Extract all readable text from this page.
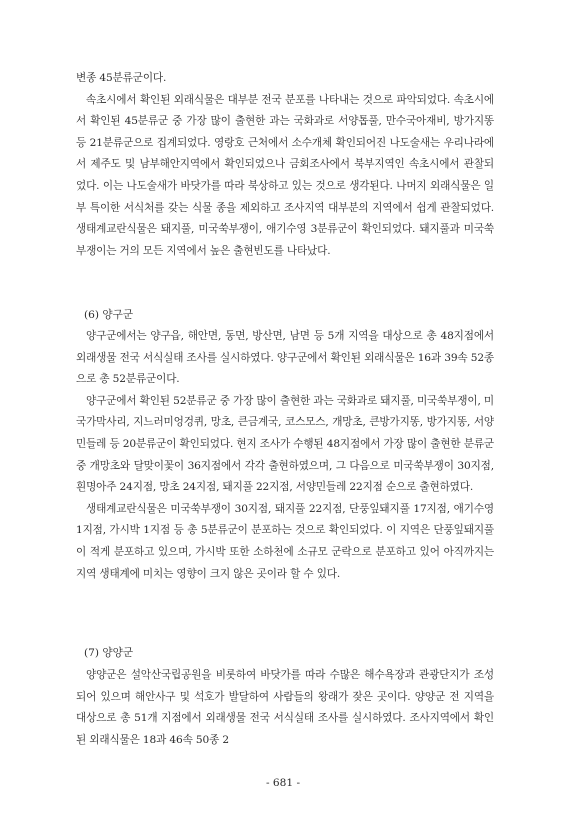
변종 45분류군이다.

속초시에서 확인된 외래식물은 대부분 전국 분포를 나타내는 것으로 파악되었다. 속초시에서 확인된 45분류군 중 가장 많이 출현한 과는 국화과로 서양톱풀, 만수국아재비, 방가지똥 등 21분류군으로 집계되었다. 영랑호 근처에서 소수개체 확인되어진 나도술새는 우리나라에서 제주도 및 남부해안지역에서 확인되었으나 금회조사에서 북부지역인 속초시에서 관찰되었다. 이는 나도술새가 바닷가를 따라 북상하고 있는 것으로 생각된다. 나머지 외래식물은 일부 특이한 서식처를 갖는 식물 종을 제외하고 조사지역 대부분의 지역에서 쉽게 관찰되었다. 생태계교란식물은 돼지풀, 미국쑥부쟁이, 애기수영 3분류군이 확인되었다. 돼지풀과 미국쑥부쟁이는 거의 모든 지역에서 높은 출현빈도를 나타났다.

(6) 양구군

양구군에서는 양구읍, 해안면, 동면, 방산면, 남면 등 5개 지역을 대상으로 총 48지점에서 외래생물 전국 서식실태 조사를 실시하였다. 양구군에서 확인된 외래식물은 16과 39속 52종으로 총 52분류군이다.

양구군에서 확인된 52분류군 중 가장 많이 출현한 과는 국화과로 돼지풀, 미국쑥부쟁이, 미국가막사리, 지느러미엉겅퀴, 망초, 큰금계국, 코스모스, 개망초, 큰방가지똥, 방가지똥, 서양민들레 등 20분류군이 확인되었다. 현지 조사가 수행된 48지점에서 가장 많이 출현한 분류군 중 개망초와 달맞이꽃이 36지점에서 각각 출현하였으며, 그 다음으로 미국쑥부쟁이 30지점, 흰명아주 24지점, 망초 24지점, 돼지풀 22지점, 서양민들레 22지점 순으로 출현하였다.

생태계교란식물은 미국쑥부쟁이 30지점, 돼지풀 22지점, 단풍잎돼지풀 17지점, 애기수영 1지점, 가시박 1지점 등 총 5분류군이 분포하는 것으로 확인되었다. 이 지역은 단풍잎돼지풀이 적게 분포하고 있으며, 가시박 또한 소하천에 소규모 군락으로 분포하고 있어 아직까지는 지역 생태계에 미치는 영향이 크지 않은 곳이라 할 수 있다.

(7) 양양군

양양군은 설악산국립공원을 비롯하여 바닷가를 따라 수많은 해수욕장과 관광단지가 조성되어 있으며 해안사구 및 석호가 발달하여 사람들의 왕래가 잦은 곳이다. 양양군 전 지역을 대상으로 총 51개 지점에서 외래생물 전국 서식실태 조사를 실시하였다. 조사지역에서 확인된 외래식물은 18과 46속 50종 2

- 681 -
